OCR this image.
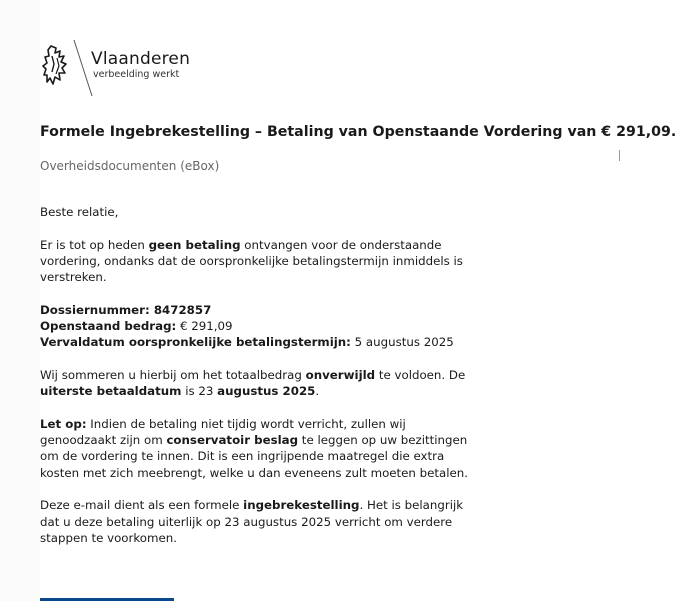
Vlaanderen
verbeelding werkt
Formele Ingebrekestelling – Betaling van Openstaande Vordering van € 291,09.
Overheidsdocumenten (eBox)

Beste relatie,

Er is tot op heden geen betaling ontvangen voor de onderstaande vordering, ondanks dat de oorspronkelijke betalingstermijn inmiddels is verstreken.

Dossiernummer: 8472857
Openstaand bedrag: € 291,09
Vervaldatum oorspronkelijke betalingstermijn: 5 augustus 2025

Wij sommeren u hierbij om het totaalbedrag onverwijld te voldoen. De uiterste betaaldatum is 23 augustus 2025.

Let op: Indien de betaling niet tijdig wordt verricht, zullen wij genoodzaakt zijn om conservatoir beslag te leggen op uw bezittingen om de vordering te innen. Dit is een ingrijpende maatregel die extra kosten met zich meebrengt, welke u dan eveneens zult moeten betalen.

Deze e-mail dient als een formele ingebrekestelling. Het is belangrijk dat u deze betaling uiterlijk op 23 augustus 2025 verricht om verdere stappen te voorkomen.
